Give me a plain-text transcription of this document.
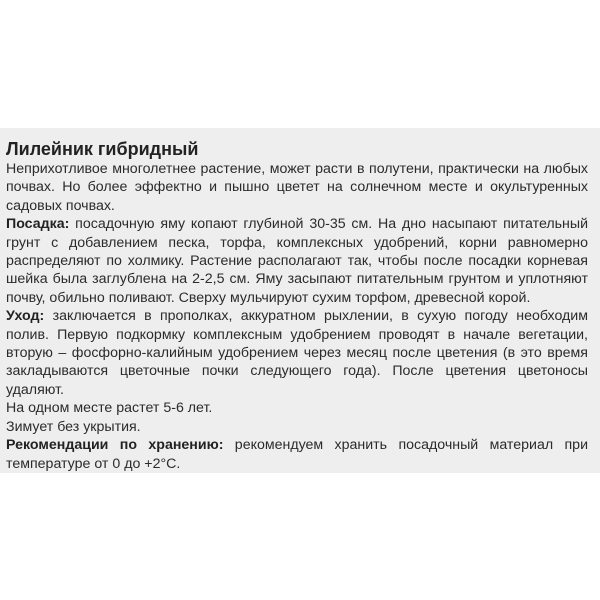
Лилейник гибридный

Неприхотливое многолетнее растение, может расти в полутени, практически на любых почвах. Но более эффектно и пышно цветет на солнечном месте и окультуренных садовых почвах.

Посадка: посадочную яму копают глубиной 30-35 см. На дно насыпают питательный грунт с добавлением песка, торфа, комплексных удобрений, корни равномерно распределяют по холмику. Растение располагают так, чтобы после посадки корневая шейка была заглублена на 2-2,5 см. Яму засыпают питательным грунтом и уплотняют почву, обильно поливают. Сверху мульчируют сухим торфом, древесной корой.

Уход: заключается в прополках, аккуратном рыхлении, в сухую погоду необходим полив. Первую подкормку комплексным удобрением проводят в начале вегетации, вторую – фосфорно-калийным удобрением через месяц после цветения (в это время закладываются цветочные почки следующего года). После цветения цветоносы удаляют.

На одном месте растет 5-6 лет.

Зимует без укрытия.

Рекомендации по хранению: рекомендуем хранить посадочный материал при температуре от 0 до +2°С.
